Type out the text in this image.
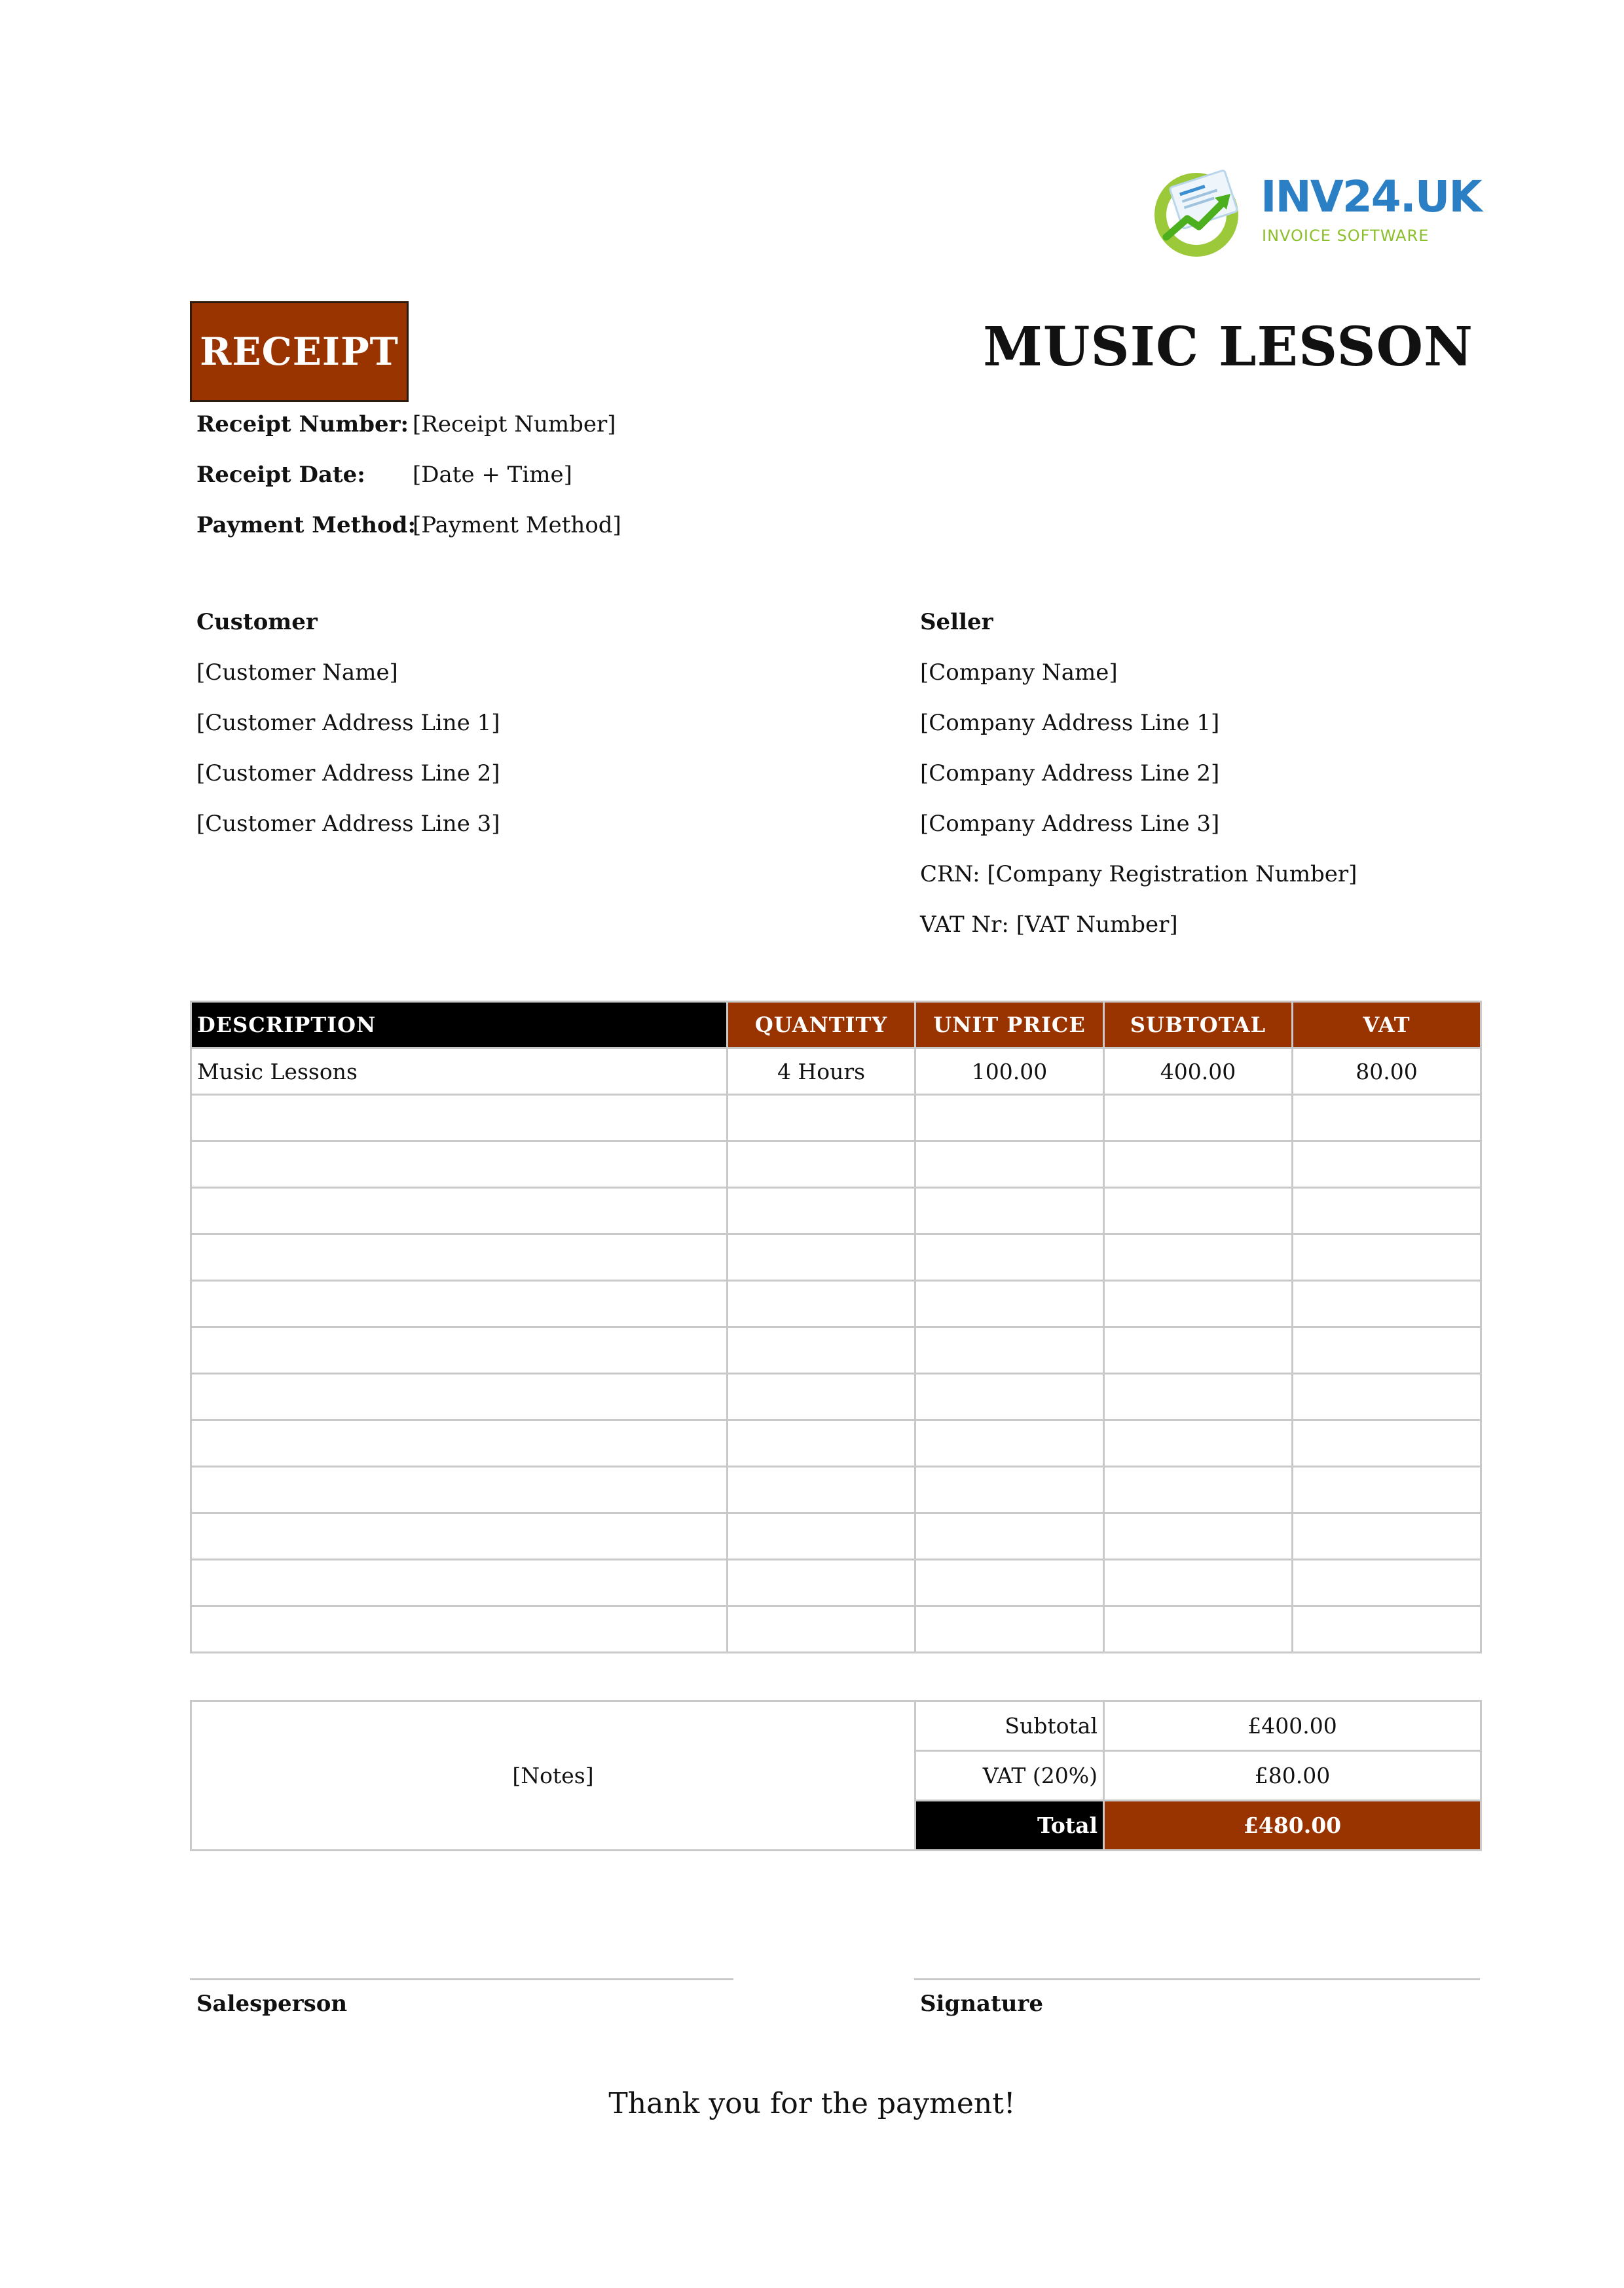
INV24.UK
INVOICE SOFTWARE
RECEIPT	MUSIC LESSON
Receipt Number: [Receipt Number]
Receipt Date: [Date + Time]
Payment Method:[Payment Method]
Customer
[Customer Name]
[Customer Address Line 1]
[Customer Address Line 2]
[Customer Address Line 3]
Seller
[Company Name]
[Company Address Line 1]
[Company Address Line 2]
[Company Address Line 3]
CRN: [Company Registration Number]
VAT Nr: [VAT Number]
DESCRIPTION	QUANTITY	UNIT PRICE	SUBTOTAL	VAT
Music Lessons	4 Hours	100.00	400.00	80.00

[Notes]	Subtotal	£400.00
	VAT (20%)	£80.00
	Total	£480.00
Salesperson	Signature
Thank you for the payment!
